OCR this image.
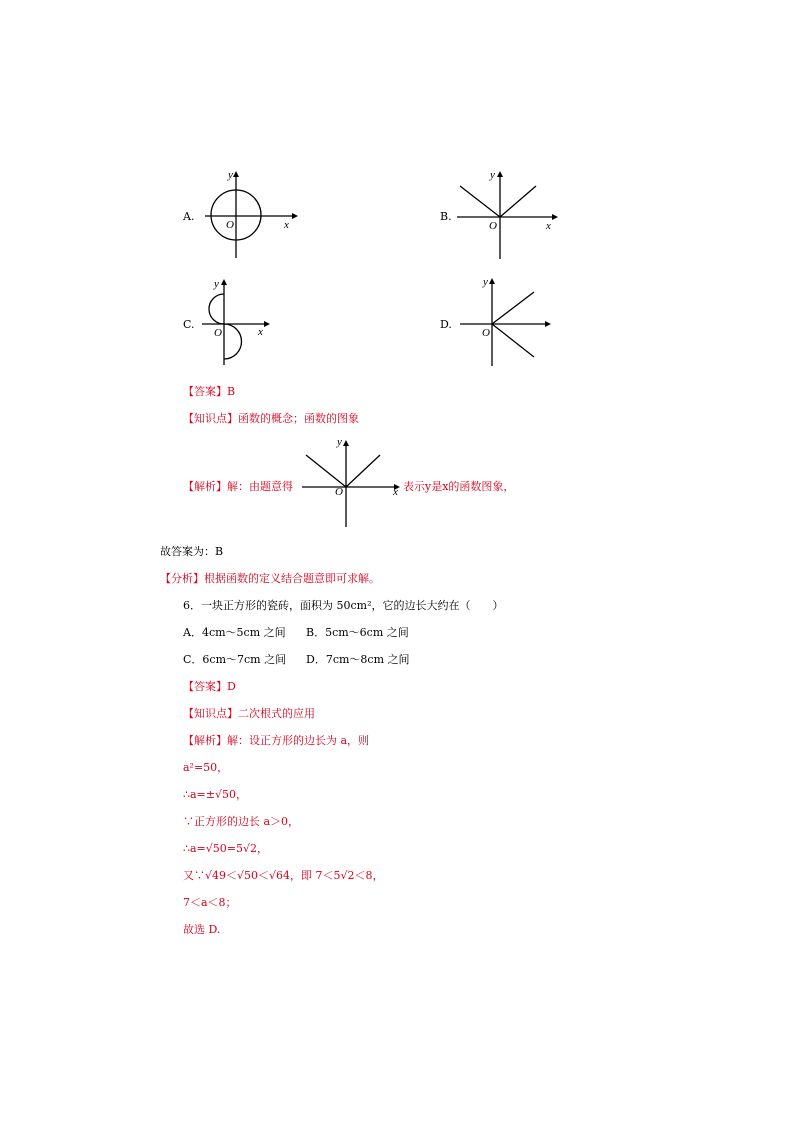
A.
y
O	x
B.
y
O	x
C.
y
O	x
D.
y
O
【答案】B
【知识点】函数的概念；函数的图象
【解析】解：由题意得
y
O	x 表示y是x的函数图象，
故答案为：B
【分析】根据函数的定义结合题意即可求解。
6．一块正方形的瓷砖，面积为 50cm²，它的边长大约在（　　）
A．4cm～5cm 之间 B．5cm～6cm 之间
C．6cm～7cm 之间 D．7cm～8cm 之间
【答案】D
【知识点】二次根式的应用
【解析】解：设正方形的边长为 a，则
a²=50，
∴a=±√50，
∵正方形的边长 a＞0，
∴a=√50=5√2，
又∵√49＜√50＜√64，即 7＜5√2＜8，
7＜a＜8；
故选 D.
